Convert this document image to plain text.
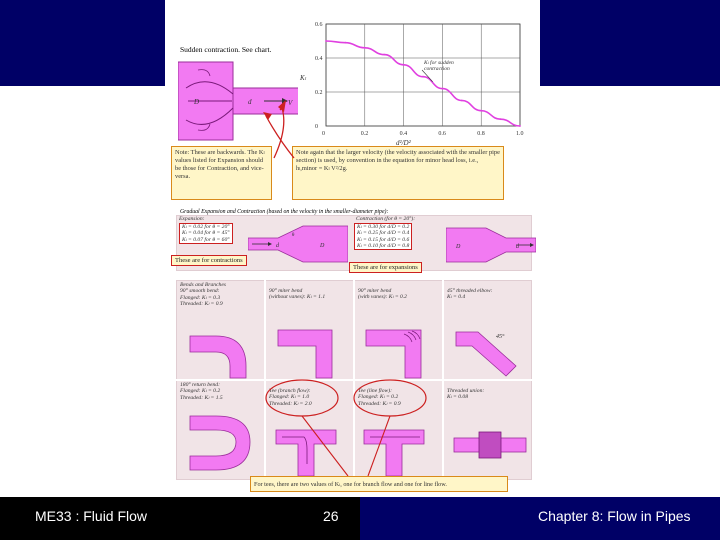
Sudden contraction. See chart.
D	d	V
0	0.2	0.4	0.6	0.8	1.0
0
0.2
0.4
0.6
Kₗ
d²/D²
Kₗ for sudden
contraction
Note: These are backwards. The Kₗ values listed for Expansion should be those for Contraction, and vice-versa.
Note again that the larger velocity (the velocity associated with the smaller pipe section) is used, by convention in the equation for minor head loss, i.e., hₗ,minor = Kₗ V²/2g.
Gradual Expansion and Contraction (based on the velocity in the smaller-diameter pipe):
Expansion:
Kₗ = 0.02 for θ = 20°
Kₗ = 0.04 for θ = 45°
Kₗ = 0.07 for θ = 60°
d	D
θ
Contraction (for θ = 20°):
Kₗ = 0.30 for d/D = 0.2
Kₗ = 0.25 for d/D = 0.4
Kₗ = 0.15 for d/D = 0.6
Kₗ = 0.10 for d/D = 0.8	D	d
These are for contractions
These are for expansions
Bends and Branches
90° smooth bend:
Flanged: Kₗ = 0.3
Threaded: Kₗ = 0.9
90° miter bend
(without vanes): Kₗ = 1.1
90° miter bend
(with vanes): Kₗ = 0.2
45° threaded elbow:
Kₗ = 0.4
180° return bend:
Flanged: Kₗ = 0.2
Threaded: Kₗ = 1.5
Tee (branch flow):
Flanged: Kₗ = 1.0
Threaded: Kₗ = 2.0
Tee (line flow):
Flanged: Kₗ = 0.2
Threaded: Kₗ = 0.9
Threaded union:
Kₗ = 0.08
45°
For tees, there are two values of Kₗ, one for branch flow and one for line flow.
ME33 : Fluid Flow	26	Chapter 8: Flow in Pipes
